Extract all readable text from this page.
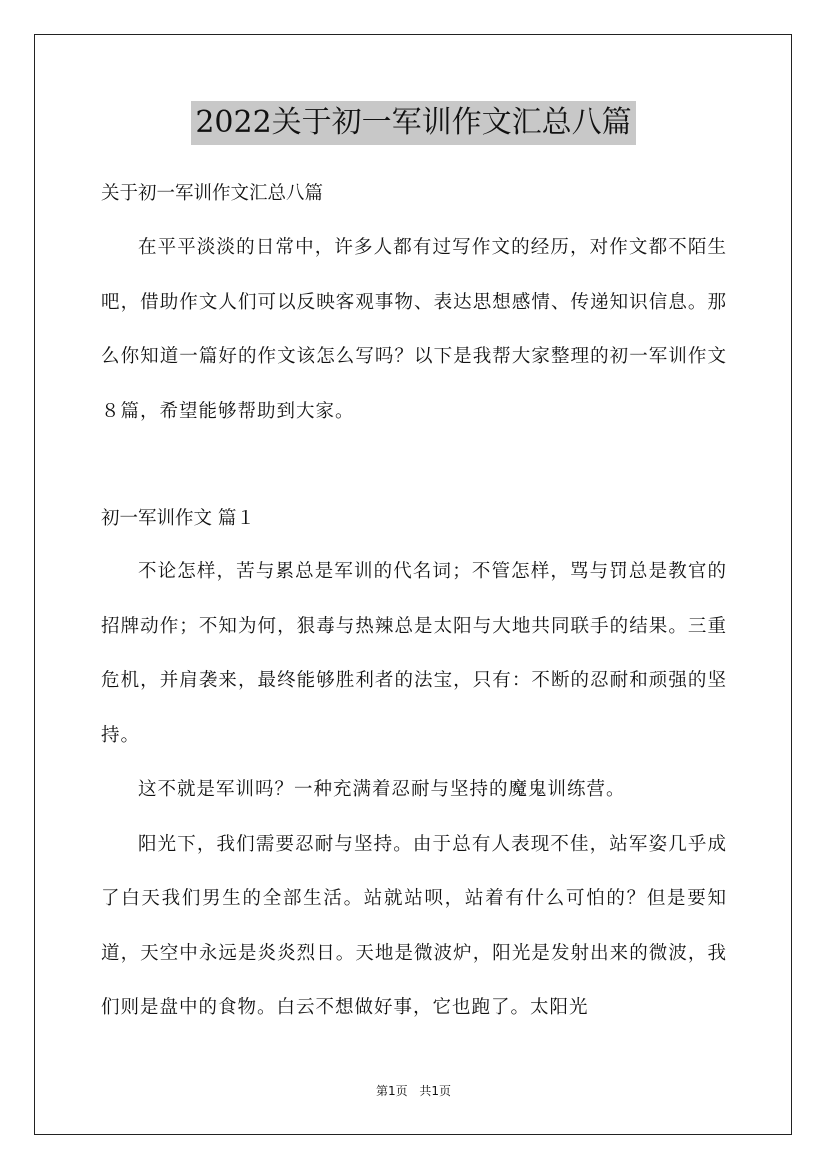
2022关于初一军训作文汇总八篇
关于初一军训作文汇总八篇

在平平淡淡的日常中，许多人都有过写作文的经历，对作文都不陌生吧，借助作文人们可以反映客观事物、表达思想感情、传递知识信息。那么你知道一篇好的作文该怎么写吗？以下是我帮大家整理的初一军训作文８篇，希望能够帮助到大家。

初一军训作文 篇１

不论怎样，苦与累总是军训的代名词；不管怎样，骂与罚总是教官的招牌动作；不知为何，狠毒与热辣总是太阳与大地共同联手的结果。三重危机，并肩袭来，最终能够胜利者的法宝，只有：不断的忍耐和顽强的坚持。

这不就是军训吗？一种充满着忍耐与坚持的魔鬼训练营。

阳光下，我们需要忍耐与坚持。由于总有人表现不佳，站军姿几乎成了白天我们男生的全部生活。站就站呗，站着有什么可怕的？但是要知道，天空中永远是炎炎烈日。天地是微波炉，阳光是发射出来的微波，我们则是盘中的食物。白云不想做好事，它也跑了。太阳光

第1页 共1页
